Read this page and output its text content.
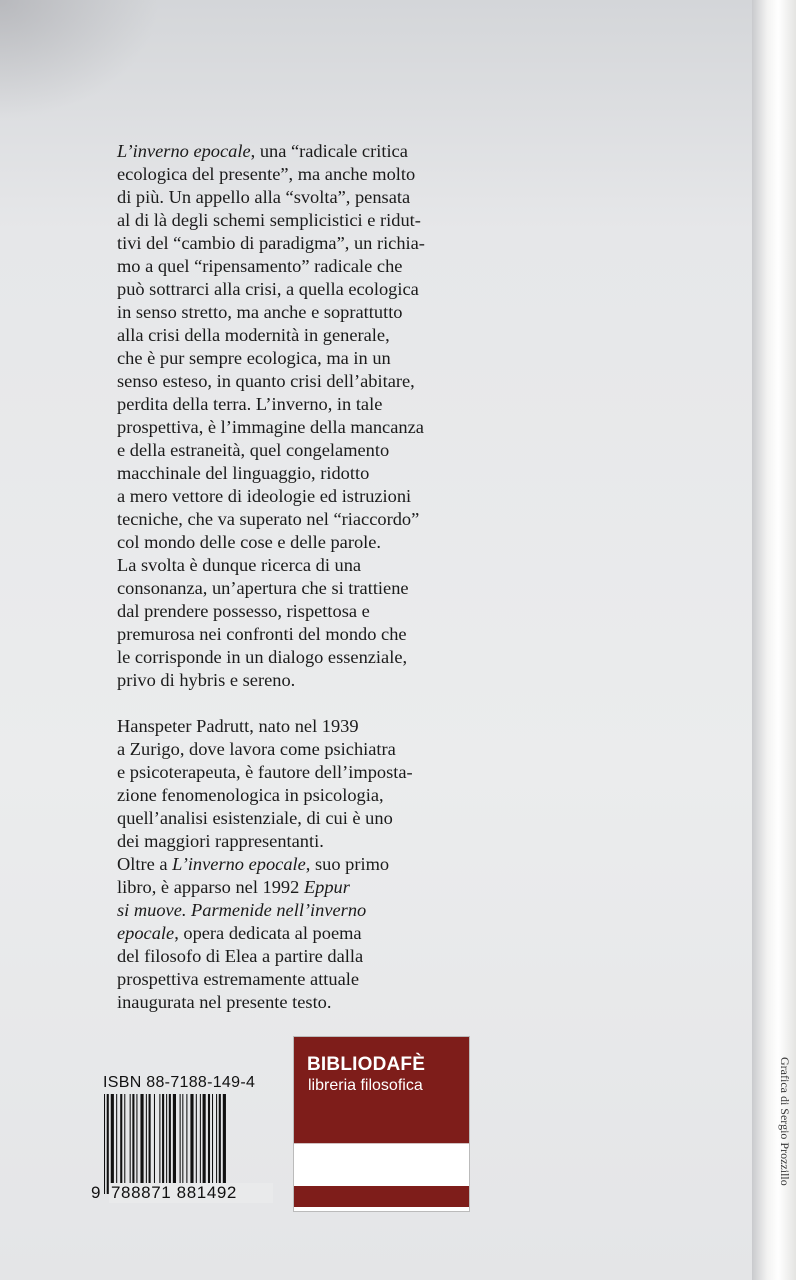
L’inverno epocale, una “radicale critica
ecologica del presente”, ma anche molto
di più. Un appello alla “svolta”, pensata
al di là degli schemi semplicistici e ridut-
tivi del “cambio di paradigma”, un richia-
mo a quel “ripensamento” radicale che
può sottrarci alla crisi, a quella ecologica
in senso stretto, ma anche e soprattutto
alla crisi della modernità in generale,
che è pur sempre ecologica, ma in un
senso esteso, in quanto crisi dell’abitare,
perdita della terra. L’inverno, in tale
prospettiva, è l’immagine della mancanza
e della estraneità, quel congelamento
macchinale del linguaggio, ridotto
a mero vettore di ideologie ed istruzioni
tecniche, che va superato nel “riaccordo”
col mondo delle cose e delle parole.
La svolta è dunque ricerca di una
consonanza, un’apertura che si trattiene
dal prendere possesso, rispettosa e
premurosa nei confronti del mondo che
le corrisponde in un dialogo essenziale,
privo di hybris e sereno.
Hanspeter Padrutt, nato nel 1939
a Zurigo, dove lavora come psichiatra
e psicoterapeuta, è fautore dell’imposta-
zione fenomenologica in psicologia,
quell’analisi esistenziale, di cui è uno
dei maggiori rappresentanti.
Oltre a L’inverno epocale, suo primo
libro, è apparso nel 1992 Eppur
si muove. Parmenide nell’inverno
epocale, opera dedicata al poema
del filosofo di Elea a partire dalla
prospettiva estremamente attuale
inaugurata nel presente testo.
ISBN 88-7188-149-4
9 788871 881492
BIBLIODAFÈ
libreria filosofica	Grafica di Sergio Prozzillo
